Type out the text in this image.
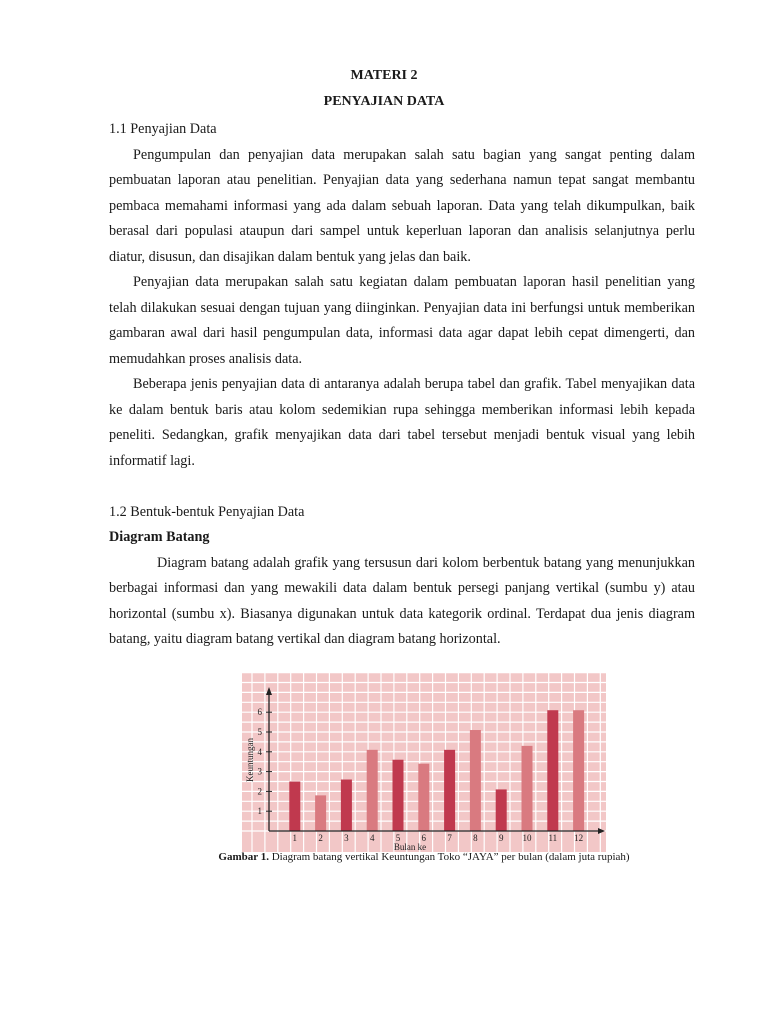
MATERI 2
PENYAJIAN DATA

1.1 Penyajian Data

Pengumpulan dan penyajian data merupakan salah satu bagian yang sangat penting dalam pembuatan laporan atau penelitian. Penyajian data yang sederhana namun tepat sangat membantu pembaca memahami informasi yang ada dalam sebuah laporan. Data yang telah dikumpulkan, baik berasal dari populasi ataupun dari sampel untuk keperluan laporan dan analisis selanjutnya perlu diatur, disusun, dan disajikan dalam bentuk yang jelas dan baik.

Penyajian data merupakan salah satu kegiatan dalam pembuatan laporan hasil penelitian yang telah dilakukan sesuai dengan tujuan yang diinginkan. Penyajian data ini berfungsi untuk memberikan gambaran awal dari hasil pengumpulan data, informasi data agar dapat lebih cepat dimengerti, dan memudahkan proses analisis data.

Beberapa jenis penyajian data di antaranya adalah berupa tabel dan grafik. Tabel menyajikan data ke dalam bentuk baris atau kolom sedemikian rupa sehingga memberikan informasi lebih kepada peneliti. Sedangkan, grafik menyajikan data dari tabel tersebut menjadi bentuk visual yang lebih informatif lagi.

1.2 Bentuk-bentuk Penyajian Data

Diagram Batang

Diagram batang adalah grafik yang tersusun dari kolom berbentuk batang yang menunjukkan berbagai informasi dan yang mewakili data dalam bentuk persegi panjang vertikal (sumbu y) atau horizontal (sumbu x). Biasanya digunakan untuk data kategorik ordinal. Terdapat dua jenis diagram batang, yaitu diagram batang vertikal dan diagram batang horizontal.

1 2 3 4 5 6 7 8 9 10 11 12
1
2
3
4
5
6
Bulan ke
Keuntungan
Gambar 1. Diagram batang vertikal Keuntungan Toko “JAYA” per bulan (dalam juta rupiah)
